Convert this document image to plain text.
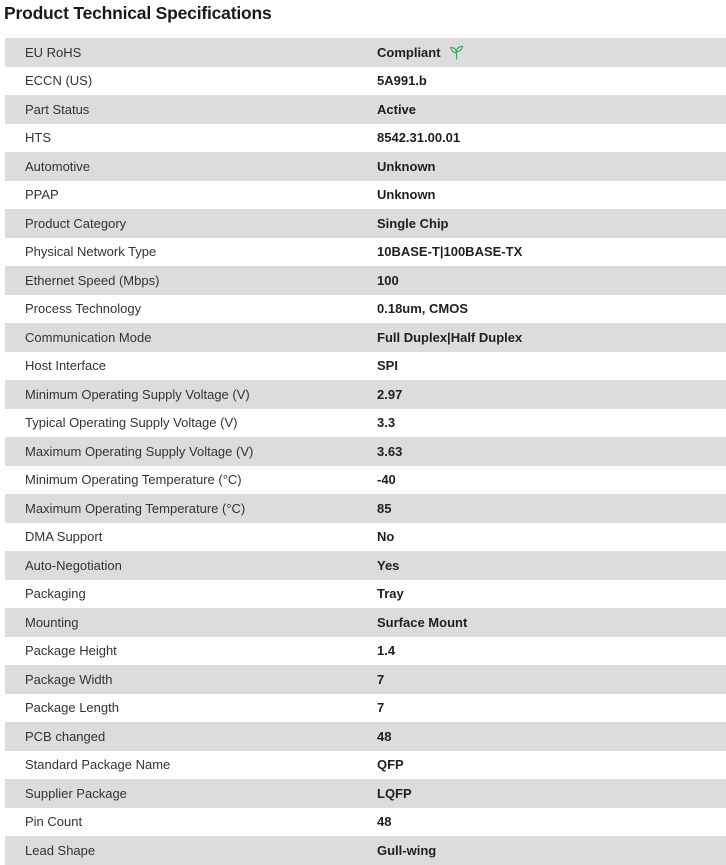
Product Technical Specifications
EU RoHS	Compliant
ECCN (US)	5A991.b
Part Status	Active
HTS	8542.31.00.01
Automotive	Unknown
PPAP	Unknown
Product Category	Single Chip
Physical Network Type	10BASE-T|100BASE-TX
Ethernet Speed (Mbps)	100
Process Technology	0.18um, CMOS
Communication Mode	Full Duplex|Half Duplex
Host Interface	SPI
Minimum Operating Supply Voltage (V)	2.97
Typical Operating Supply Voltage (V)	3.3
Maximum Operating Supply Voltage (V)	3.63
Minimum Operating Temperature (°C)	-40
Maximum Operating Temperature (°C)	85
DMA Support	No
Auto-Negotiation	Yes
Packaging	Tray
Mounting	Surface Mount
Package Height	1.4
Package Width	7
Package Length	7
PCB changed	48
Standard Package Name	QFP
Supplier Package	LQFP
Pin Count	48
Lead Shape	Gull-wing
